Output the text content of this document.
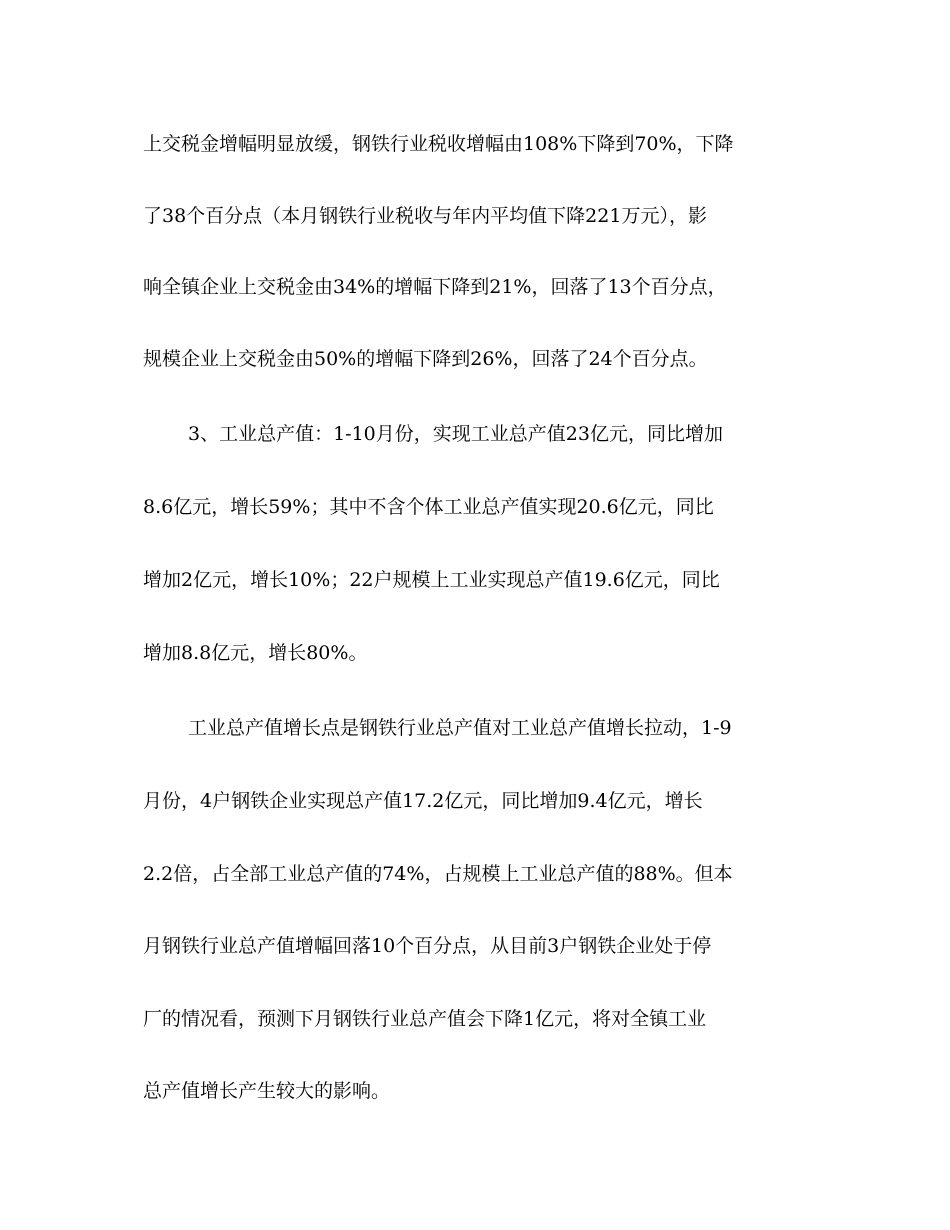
上交税金增幅明显放缓，钢铁行业税收增幅由108%下降到70%，下降

了38个百分点（本月钢铁行业税收与年内平均值下降221万元），影

响全镇企业上交税金由34%的增幅下降到21%，回落了13个百分点，

规模企业上交税金由50%的增幅下降到26%，回落了24个百分点。

3、工业总产值：1-10月份，实现工业总产值23亿元，同比增加

8.6亿元，增长59%；其中不含个体工业总产值实现20.6亿元，同比

增加2亿元，增长10%；22户规模上工业实现总产值19.6亿元，同比

增加8.8亿元，增长80%。

工业总产值增长点是钢铁行业总产值对工业总产值增长拉动，1-9

月份，4户钢铁企业实现总产值17.2亿元，同比增加9.4亿元，增长

2.2倍，占全部工业总产值的74%，占规模上工业总产值的88%。但本

月钢铁行业总产值增幅回落10个百分点，从目前3户钢铁企业处于停

厂的情况看，预测下月钢铁行业总产值会下降1亿元，将对全镇工业

总产值增长产生较大的影响。
